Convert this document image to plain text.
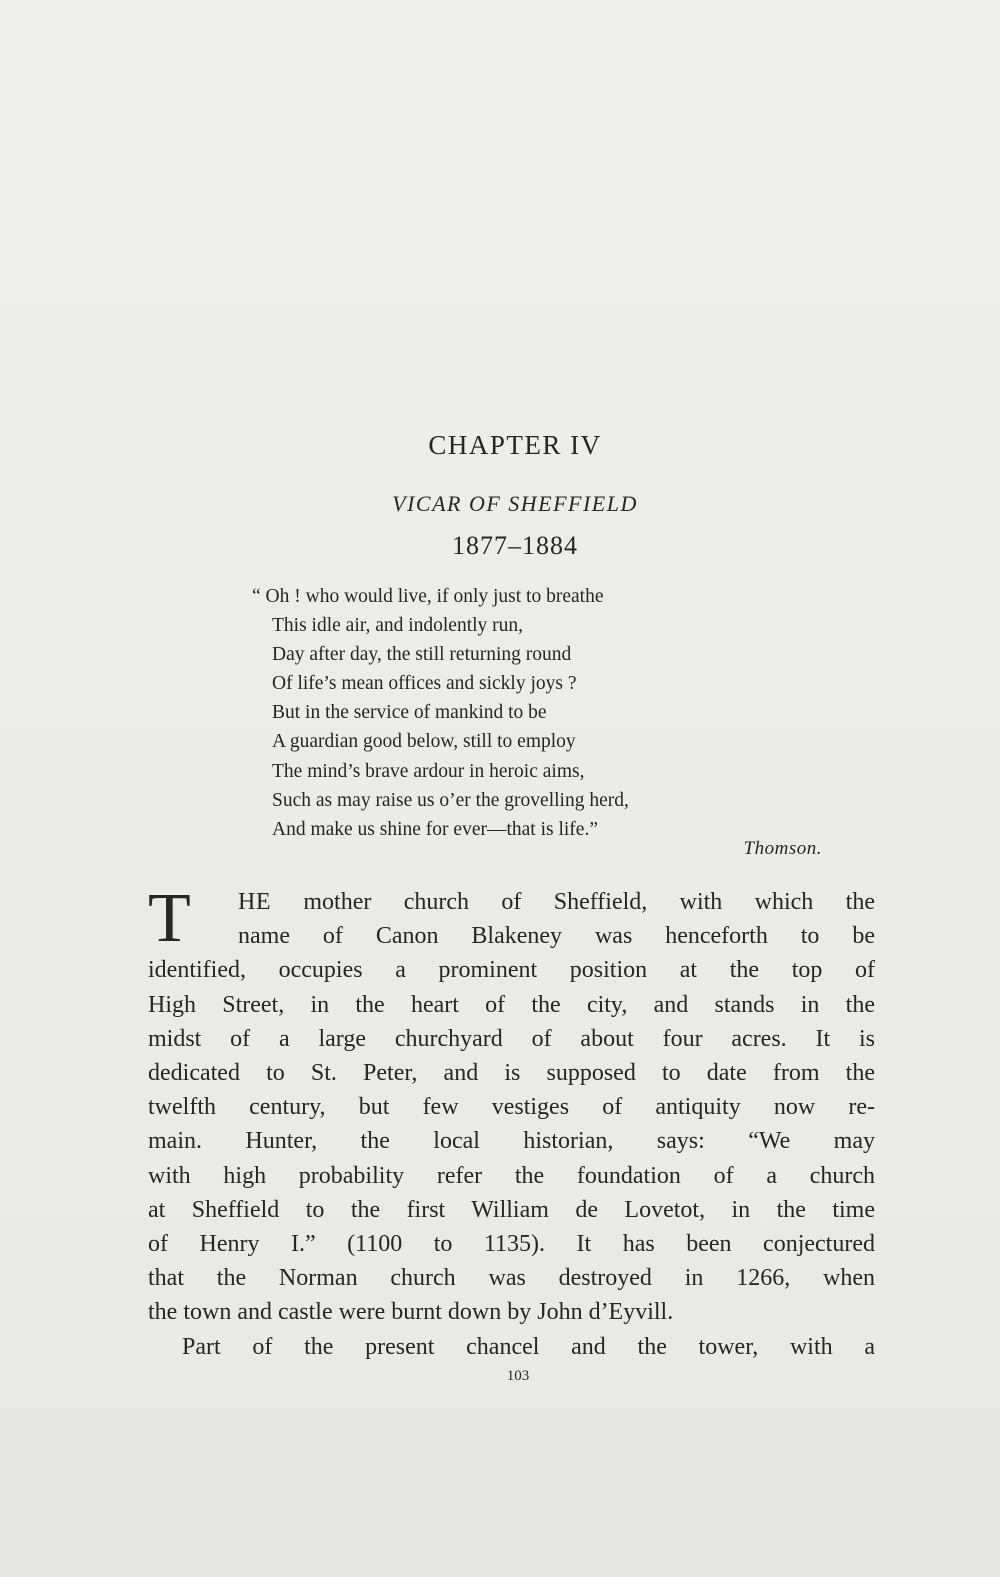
CHAPTER IV
VICAR OF SHEFFIELD
1877–1884
“ Oh ! who would live, if only just to breathe
This idle air, and indolently run,
Day after day, the still returning round
Of life’s mean offices and sickly joys ?
But in the service of mankind to be
A guardian good below, still to employ
The mind’s brave ardour in heroic aims,
Such as may raise us o’er the grovelling herd,
And make us shine for ever—that is life.”
Thomson.
T	HE mother church of Sheffield, with which the
name of Canon Blakeney was henceforth to be
identified, occupies a prominent position at the top of
High Street, in the heart of the city, and stands in the
midst of a large churchyard of about four acres. It is
dedicated to St. Peter, and is supposed to date from the
twelfth century, but few vestiges of antiquity now re-
main. Hunter, the local historian, says: “We may
with high probability refer the foundation of a church
at Sheffield to the first William de Lovetot, in the time
of Henry I.” (1100 to 1135). It has been conjectured
that the Norman church was destroyed in 1266, when
the town and castle were burnt down by John d’Eyvill.
Part of the present chancel and the tower, with a
103
